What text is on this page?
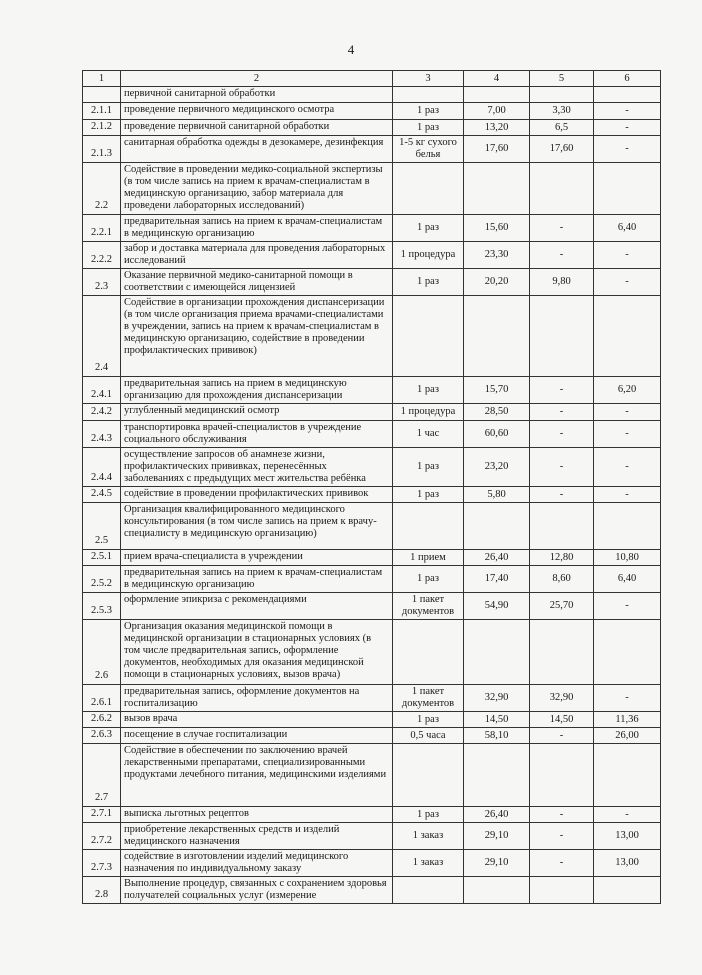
4
1	2	3	4	5	6
	первичной санитарной обработки				
2.1.1	проведение первичного медицинского осмотра	1 раз	7,00	3,30	-
2.1.2	проведение первичной санитарной обработки	1 раз	13,20	6,5	-
2.1.3	санитарная обработка одежды в дезокамере, дезинфекция	1-5 кг сухого белья	17,60	17,60	-
2.2	Содействие в проведении медико-социальной экспертизы (в том числе запись на прием к врачам-специалистам в медицинскую организацию, забор материала для проведени лабораторных исследований)				
2.2.1	предварительная запись на прием к врачам-специалистам в медицинскую организацию	1 раз	15,60	-	6,40
2.2.2	забор и доставка материала для проведения лабораторных исследований	1 процедура	23,30	-	-
2.3	Оказание первичной медико-санитарной помощи в соответствии с имеющейся лицензией	1 раз	20,20	9,80	-
2.4	Содействие в организации прохождения диспансеризации (в том числе организация приема врачами-специалистами в учреждении, запись на прием к врачам-специалистам в медицинскую организацию, содействие в проведении профилактических прививок)				
2.4.1	предварительная запись на прием в медицинскую организацию для прохождения диспансеризации	1 раз	15,70	-	6,20
2.4.2	углубленный медицинский осмотр	1 процедура	28,50	-	-
2.4.3	транспортировка врачей-специалистов в учреждение социального обслуживания	1 час	60,60	-	-
2.4.4	осуществление запросов об анамнезе жизни, профилактических прививках, перенесённых заболеваниях с предыдущих мест жительства ребёнка	1 раз	23,20	-	-
2.4.5	содействие в проведении профилактических прививок	1 раз	5,80	-	-
2.5	Организация квалифицированного медицинского консультирования (в том числе запись на прием к врачу-специалисту в медицинскую организацию)				
2.5.1	прием врача-специалиста в учреждении	1 прием	26,40	12,80	10,80
2.5.2	предварительная запись на прием к врачам-специалистам в медицинскую организацию	1 раз	17,40	8,60	6,40
2.5.3	оформление эпикриза с рекомендациями	1 пакет документов	54,90	25,70	-
2.6	Организация оказания медицинской помощи в медицинской организации в стационарных условиях (в том числе предварительная запись, оформление документов, необходимых для оказания медицинской помощи в стационарных условиях, вызов врача)				
2.6.1	предварительная запись, оформление документов на госпитализацию	1 пакет документов	32,90	32,90	-
2.6.2	вызов врача	1 раз	14,50	14,50	11,36
2.6.3	посещение в случае госпитализации	0,5 часа	58,10	-	26,00
2.7	Содействие в обеспечении по заключению врачей лекарственными препаратами, специализированными продуктами лечебного питания, медицинскими изделиями				
2.7.1	выписка льготных рецептов	1 раз	26,40	-	-
2.7.2	приобретение лекарственных средств и изделий медицинского назначения	1 заказ	29,10	-	13,00
2.7.3	содействие в изготовлении изделий медицинского назначения по индивидуальному заказу	1 заказ	29,10	-	13,00
2.8	Выполнение процедур, связанных с сохранением здоровья получателей социальных услуг (измерение				
